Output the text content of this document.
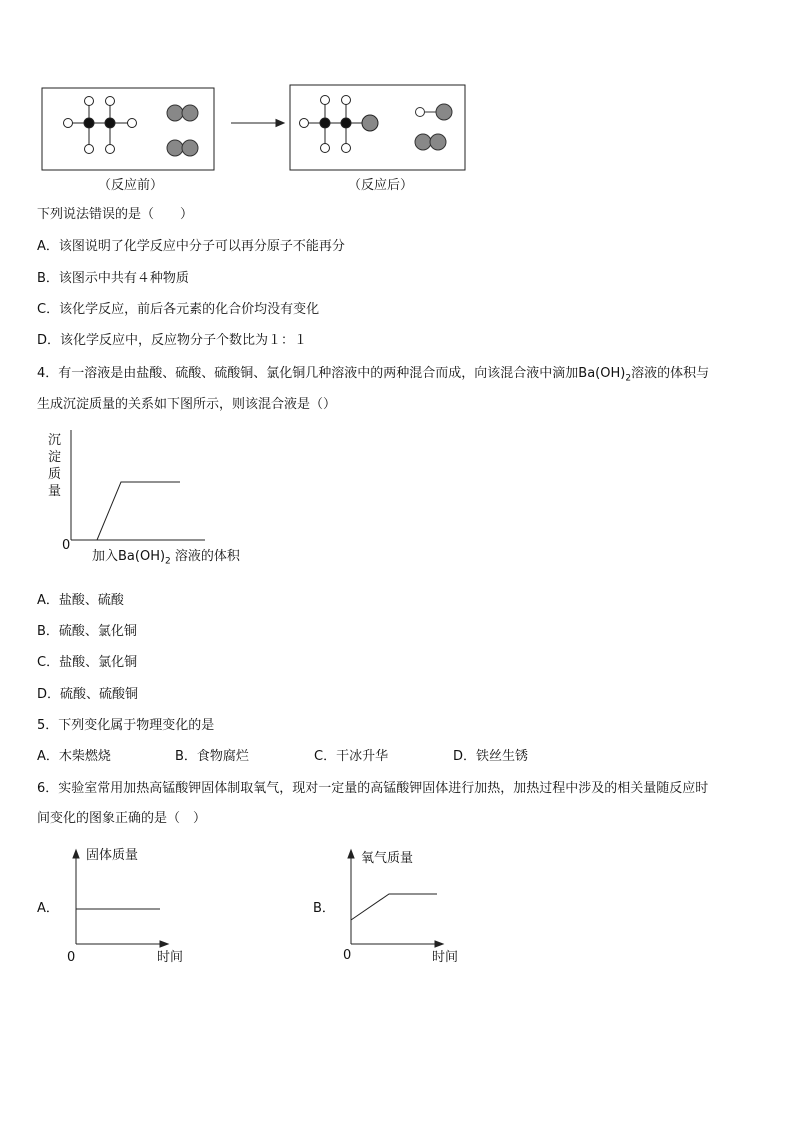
（反应前）	（反应后）
下列说法错误的是（　　）
A．该图说明了化学反应中分子可以再分原子不能再分
B．该图示中共有４种物质
C．该化学反应，前后各元素的化合价均没有变化
D．该化学反应中，反应物分子个数比为１：１
4．有一溶液是由盐酸、硫酸、硫酸铜、氯化铜几种溶液中的两种混合而成，向该混合液中滴加$Ba(OH)_2$溶液的体积与
生成沉淀质量的关系如下图所示，则该混合液是（）
沉
淀
质
量
0
加入$Ba(OH)_2$ 溶液的体积
A．盐酸、硫酸
B．硫酸、氯化铜
C．盐酸、氯化铜
D．硫酸、硫酸铜
5．下列变化属于物理变化的是
A．木柴燃烧	B．食物腐烂	C．干冰升华	D．铁丝生锈
6．实验室常用加热高锰酸钾固体制取氧气，现对一定量的高锰酸钾固体进行加热，加热过程中涉及的相关量随反应时
间变化的图象正确的是（　）
固体质量
A．
0	时间
氧气质量
B．
0	时间
